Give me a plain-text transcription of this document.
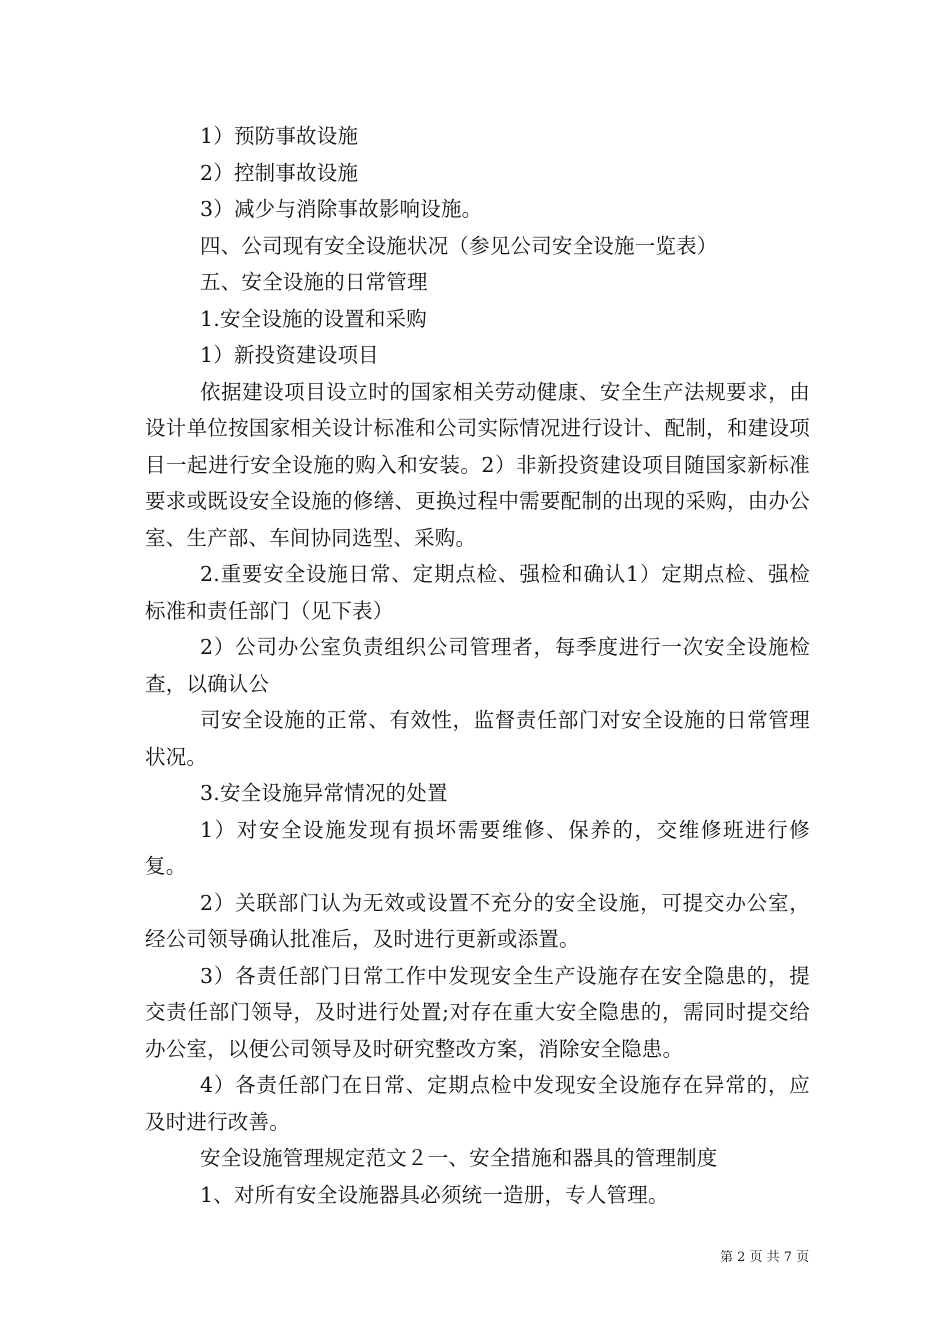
1）预防事故设施

2）控制事故设施

3）减少与消除事故影响设施。

四、公司现有安全设施状况（参见公司安全设施一览表）

五、安全设施的日常管理

1.安全设施的设置和采购

1）新投资建设项目

依据建设项目设立时的国家相关劳动健康、安全生产法规要求，由设计单位按国家相关设计标准和公司实际情况进行设计、配制，和建设项目一起进行安全设施的购入和安装。2）非新投资建设项目随国家新标准要求或既设安全设施的修缮、更换过程中需要配制的出现的采购，由办公室、生产部、车间协同选型、采购。

2.重要安全设施日常、定期点检、强检和确认1）定期点检、强检标准和责任部门（见下表）

2）公司办公室负责组织公司管理者，每季度进行一次安全设施检查，以确认公

司安全设施的正常、有效性，监督责任部门对安全设施的日常管理状况。

3.安全设施异常情况的处置

1）对安全设施发现有损坏需要维修、保养的，交维修班进行修复。

2）关联部门认为无效或设置不充分的安全设施，可提交办公室，经公司领导确认批准后，及时进行更新或添置。

3）各责任部门日常工作中发现安全生产设施存在安全隐患的，提交责任部门领导，及时进行处置;对存在重大安全隐患的，需同时提交给办公室，以便公司领导及时研究整改方案，消除安全隐患。

4）各责任部门在日常、定期点检中发现安全设施存在异常的，应及时进行改善。

安全设施管理规定范文２一、安全措施和器具的管理制度

1、对所有安全设施器具必须统一造册，专人管理。

第 2 页 共 7 页
